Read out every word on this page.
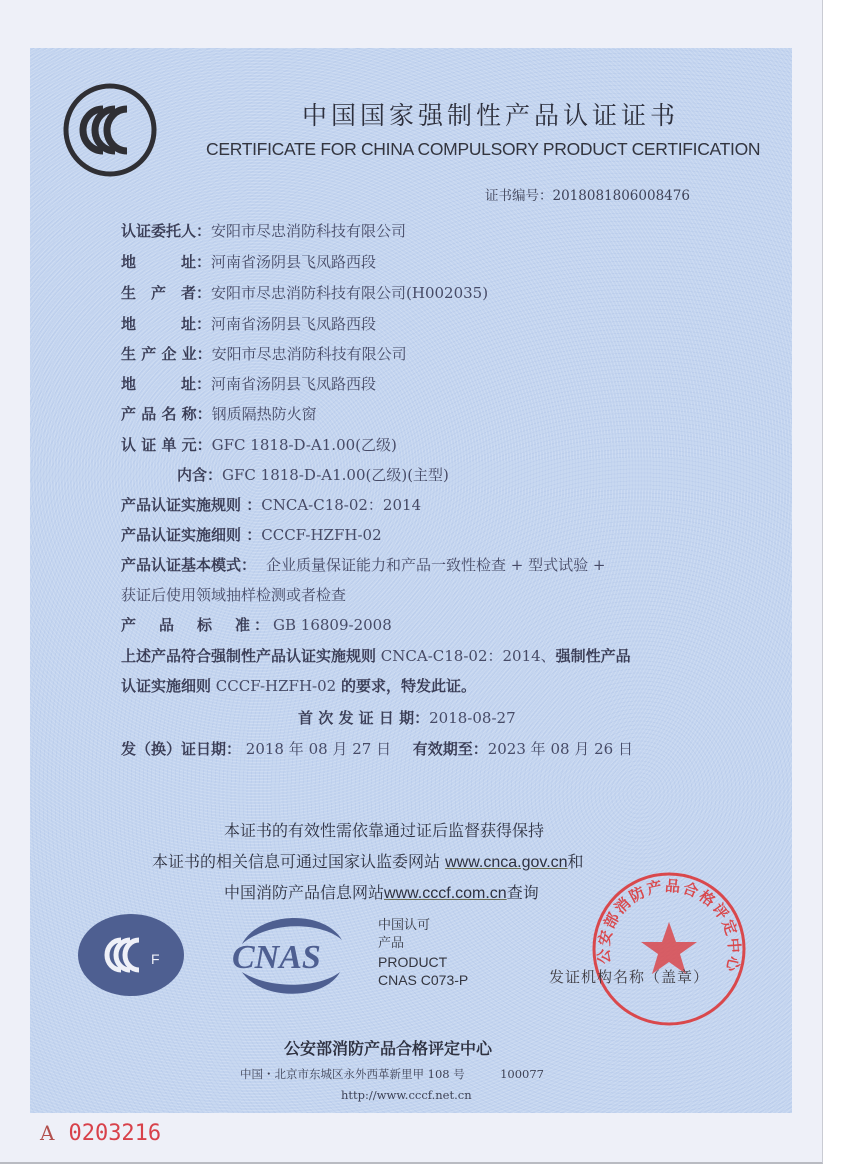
中国国家强制性产品认证证书
CERTIFICATE FOR CHINA COMPULSORY PRODUCT CERTIFICATION
证书编号：2018081806008476
认证委托人：安阳市尽忠消防科技有限公司
地　　　址：河南省汤阴县飞凤路西段
生　产　者：安阳市尽忠消防科技有限公司(H002035)
地　　　址：河南省汤阴县飞凤路西段
生 产 企 业：安阳市尽忠消防科技有限公司
地　　　址：河南省汤阴县飞凤路西段
产 品 名 称：钢质隔热防火窗
认 证 单 元：GFC 1818-D-A1.00(乙级)
内含：GFC 1818-D-A1.00(乙级)(主型)
产品认证实施规则 ：CNCA-C18-02：2014
产品认证实施细则 ：CCCF-HZFH-02
产品认证基本模式： 企业质量保证能力和产品一致性检查 + 型式试验 +
获证后使用领域抽样检测或者检查
产　品　标　准：GB 16809-2008
上述产品符合强制性产品认证实施规则 CNCA-C18-02：2014、强制性产品
认证实施细则 CCCF-HZFH-02 的要求，特发此证。
首 次 发 证 日 期：2018-08-27
发（换）证日期： 2018 年 08 月 27 日 有效期至：2023 年 08 月 26 日
本证书的有效性需依靠通过证后监督获得保持
本证书的相关信息可通过国家认监委网站 www.cnca.gov.cn和
中国消防产品信息网站www.cccf.com.cn查询
F CNAS
中国认可
产品
PRODUCT
CNAS C073-P
公安部消防产品合格评定中心
发证机构名称（盖章）
公安部消防产品合格评定中心
中国・北京市东城区永外西革新里甲 108 号	100077
http://www.cccf.net.cn
A 0203216
